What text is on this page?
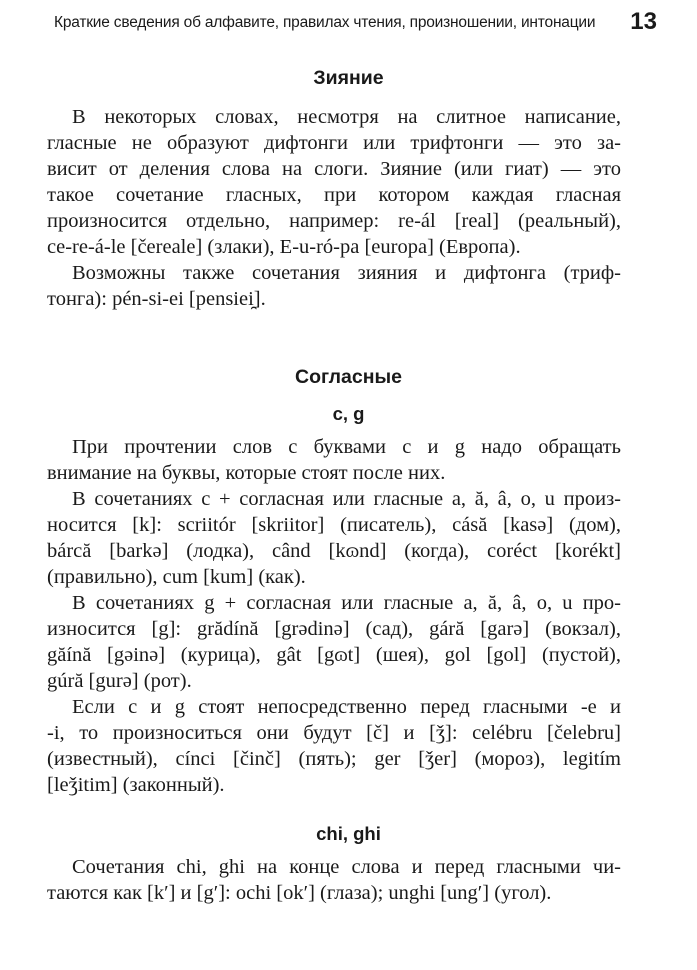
Краткие сведения об алфавите, правилах чтения, произношении, интонации	13
Зияние
В некоторых словах, несмотря на слитное написание,
гласные не образуют дифтонги или трифтонги — это за-
висит от деления слова на слоги. Зияние (или гиат) — это
такое сочетание гласных, при котором каждая гласная
произносится отдельно, например: re-ál [real] (реальный),
ce-re-á-le [čereale] (злаки), E-u-ró-pa [europa] (Европа).
Возможны также сочетания зияния и дифтонга (триф-
тонга): pén-si-ei [pensiei̯].
Согласные
c, g
При прочтении слов с буквами c и g надо обращать
внимание на буквы, которые стоят после них.
В сочетаниях c + согласная или гласные a, ă, â, o, u произ-
носится [k]: scriitór [skriitor] (писатель), cásă [kasə] (дом),
bárcă [barkə] (лодка), când [kɷnd] (когда), coréct [korékt]
(правильно), cum [kum] (как).
В сочетаниях g + согласная или гласные a, ă, â, o, u про-
износится [g]: grădínă [grədinə] (сад), gáră [garə] (вокзал),
găínă [gəinə] (курица), gât [gɷt] (шея), gol [gol] (пустой),
gúră [gurə] (рот).
Если c и g стоят непосредственно перед гласными -e и
-i, то произноситься они будут [č] и [ǯ]: celébru [čelebru]
(известный), cínci [činč] (пять); ger [ǯer] (мороз), legitím
[leǯitim] (законный).
chi, ghi
Сочетания chi, ghi на конце слова и перед гласными чи-
таются как [k′] и [g′]: ochi [ok′] (глаза); unghi [ung′] (угол).
